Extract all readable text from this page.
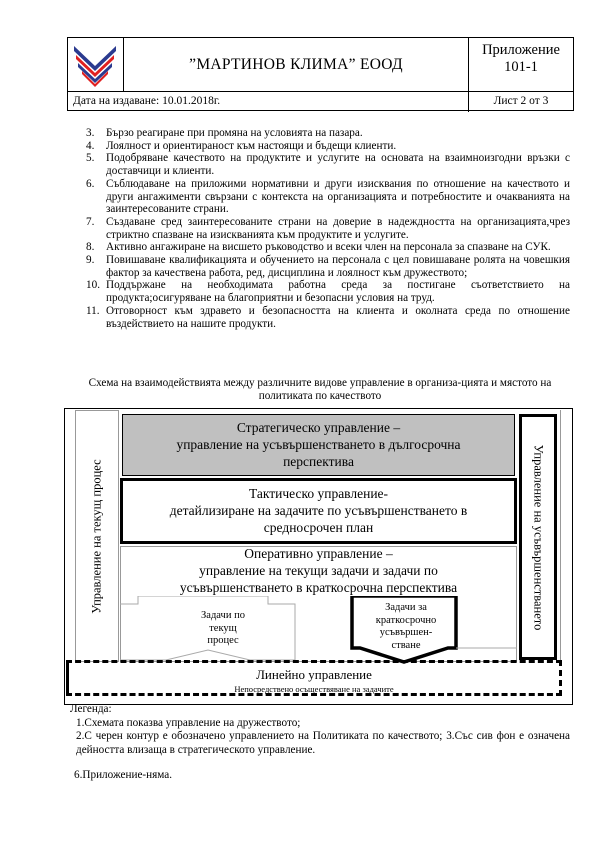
”МАРТИНОВ КЛИМА” ЕООД
Приложение
101-1
Дата на издаване: 10.01.2018г.	Лист 2 от 3
3.	Бързо реагиране при промяна на условията на пазара.
4.	Лоялност и ориентираност към настоящи и бъдещи клиенти.
5.	Подобряване качеството на продуктите и услугите на основата на взаимноизгодни връзки с доставчици и клиенти.
6.	Съблюдаване на приложими нормативни и други изисквания по отношение на качеството и други ангажименти свързани с контекста на организацията и потребностите и очакванията на заинтересованите страни.
7.	Създаване сред заинтересованите страни на доверие в надеждността на организацията,чрез стриктно спазване на изискванията към продуктите и услугите.
8.	Активно ангажиране на висшето ръководство и всеки член на персонала за спазване на СУК.
9.	Повишаване квалификацията и обучението на персонала с цел повишаване ролята на човешкия фактор за качествена работа, ред, дисциплина и лоялност към дружеството;
10. Поддържане на необходимата работна среда за постигане съответствието на продукта;осигуряване на благоприятни и безопасни условия на труд.
11. Отговорност към здравето и безопасността на клиента и околната среда по отношение въздействието на нашите продукти.
Схема на взаимодействията между различните видове управление в организа-цията и мястото на политиката по качеството
Управление на текущ процес	Управление на усъвършенстването
Стратегическо управление –
управление на усъвършенстването в дългосрочна
перспектива
Тактическо управление-
детайлизиране на задачите по усъвършенстването в
средносрочен план
Оперативно управление –
управление на текущи задачи и задачи по
усъвършенстването в краткосрочна перспектива
Задачи по
текущ
процес
Задачи за
краткосрочно
усъвършен-
стване
Линейно управление
Непосредствено осъществяване на задачите

Легенда:

1.Схемата показва управление на дружеството;

2.С черен контур е обозначено управлението на Политиката по качеството; 3.Със сив фон е означена дейността влизаща в стратегическото управление.

6.Приложение-няма.
